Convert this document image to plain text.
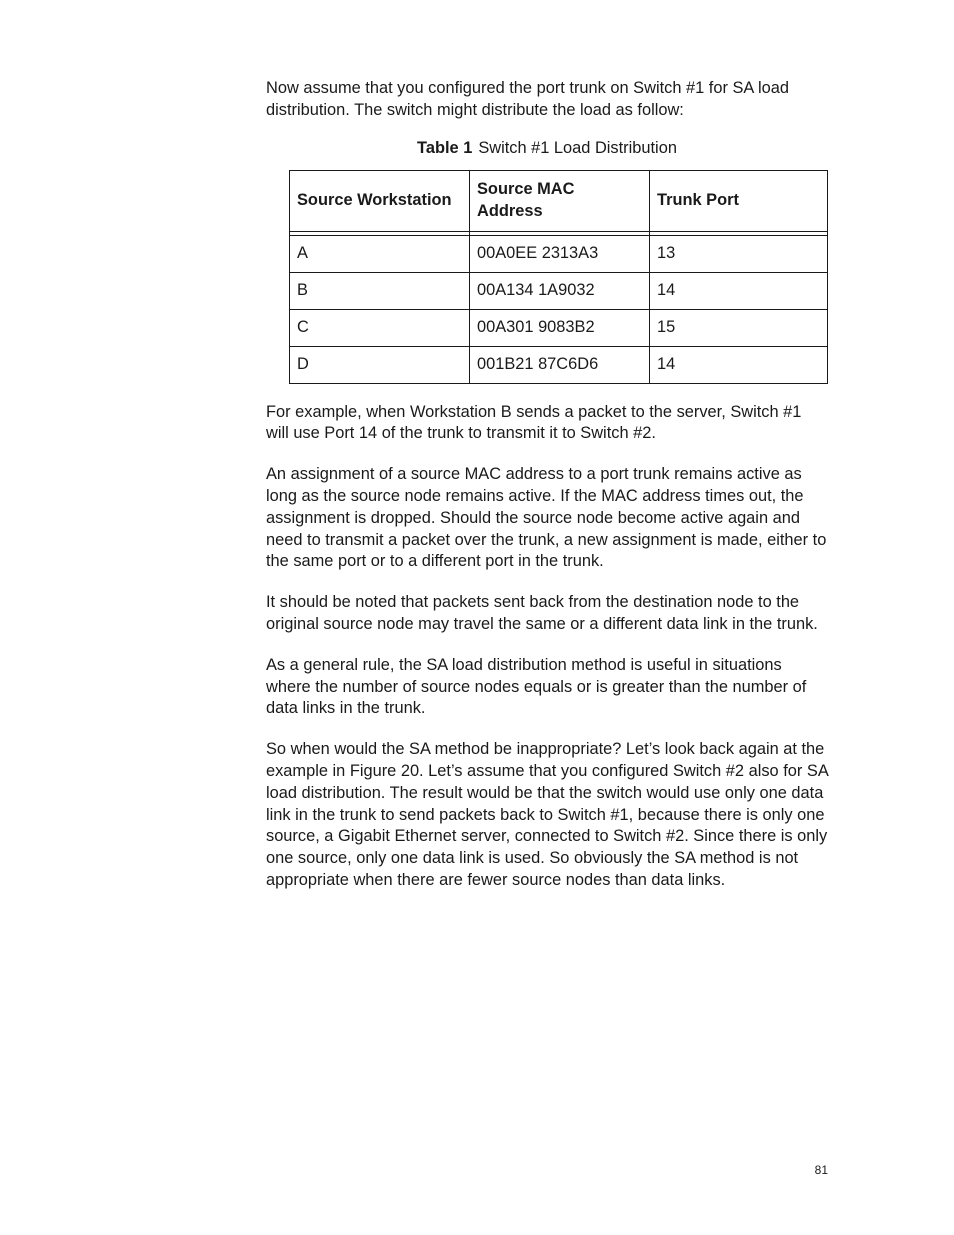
Now assume that you configured the port trunk on Switch #1 for SA load distribution. The switch might distribute the load as follow:

Table 1 Switch #1 Load Distribution
Source Workstation	Source MAC Address	Trunk Port

A	00A0EE 2313A3	13
B	00A134 1A9032	14
C	00A301 9083B2	15
D	001B21 87C6D6	14

For example, when Workstation B sends a packet to the server, Switch #1 will use Port 14 of the trunk to transmit it to Switch #2.

An assignment of a source MAC address to a port trunk remains active as long as the source node remains active. If the MAC address times out, the assignment is dropped. Should the source node become active again and need to transmit a packet over the trunk, a new assignment is made, either to the same port or to a different port in the trunk.

It should be noted that packets sent back from the destination node to the original source node may travel the same or a different data link in the trunk.

As a general rule, the SA load distribution method is useful in situations where the number of source nodes equals or is greater than the number of data links in the trunk.

So when would the SA method be inappropriate? Let’s look back again at the example in Figure 20. Let’s assume that you configured Switch #2 also for SA load distribution. The result would be that the switch would use only one data link in the trunk to send packets back to Switch #1, because there is only one source, a Gigabit Ethernet server, connected to Switch #2. Since there is only one source, only one data link is used. So obviously the SA method is not appropriate when there are fewer source nodes than data links.

81
